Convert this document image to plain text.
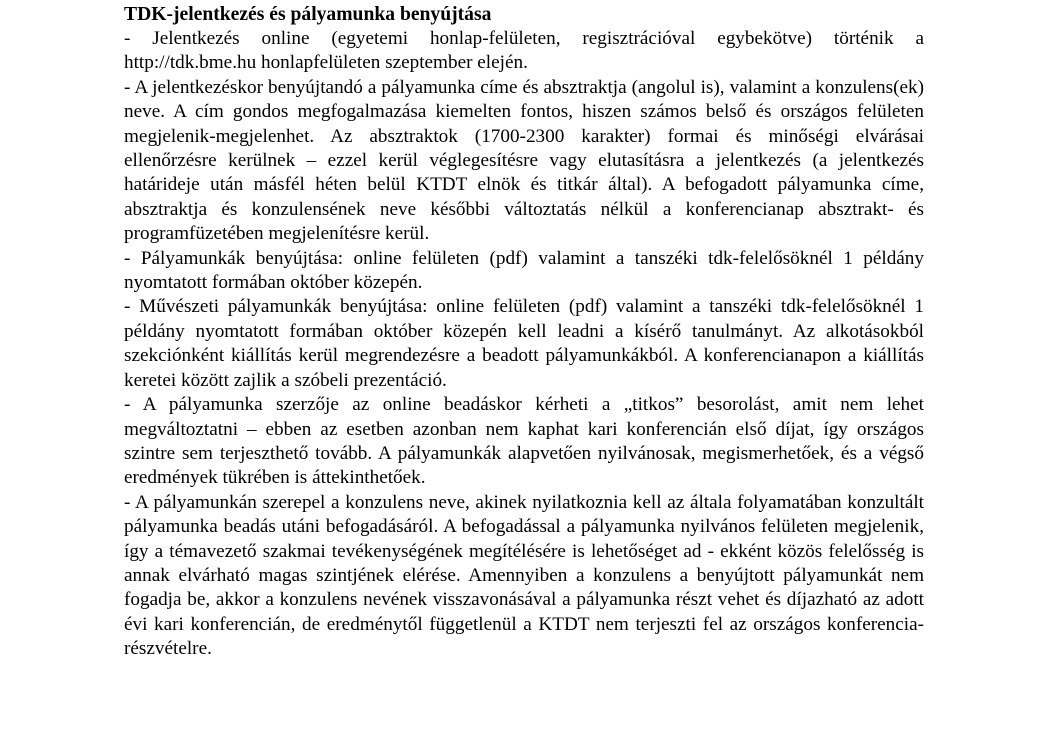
TDK-jelentkezés és pályamunka benyújtása

- Jelentkezés online (egyetemi honlap-felületen, regisztrációval egybekötve) történik a http://tdk.bme.hu honlapfelületen szeptember elején.

- A jelentkezéskor benyújtandó a pályamunka címe és absztraktja (angolul is), valamint a konzulens(ek) neve. A cím gondos megfogalmazása kiemelten fontos, hiszen számos belső és országos felületen megjelenik-megjelenhet. Az absztraktok (1700-2300 karakter) formai és minőségi elvárásai ellenőrzésre kerülnek – ezzel kerül véglegesítésre vagy elutasításra a jelentkezés (a jelentkezés határideje után másfél héten belül KTDT elnök és titkár által). A befogadott pályamunka címe, absztraktja és konzulensének neve későbbi változtatás nélkül a konferencianap absztrakt- és programfüzetében megjelenítésre kerül.

- Pályamunkák benyújtása: online felületen (pdf) valamint a tanszéki tdk-felelősöknél 1 példány nyomtatott formában október közepén.

- Művészeti pályamunkák benyújtása: online felületen (pdf) valamint a tanszéki tdk-felelősöknél 1 példány nyomtatott formában október közepén kell leadni a kísérő tanulmányt. Az alkotásokból szekciónként kiállítás kerül megrendezésre a beadott pályamunkákból. A konferencianapon a kiállítás keretei között zajlik a szóbeli prezentáció.

- A pályamunka szerzője az online beadáskor kérheti a „titkos” besorolást, amit nem lehet megváltoztatni – ebben az esetben azonban nem kaphat kari konferencián első díjat, így országos szintre sem terjeszthető tovább. A pályamunkák alapvetően nyilvánosak, megismerhetőek, és a végső eredmények tükrében is áttekinthetőek.

- A pályamunkán szerepel a konzulens neve, akinek nyilatkoznia kell az általa folyamatában konzultált pályamunka beadás utáni befogadásáról. A befogadással a pályamunka nyilvános felületen megjelenik, így a témavezető szakmai tevékenységének megítélésére is lehetőséget ad - ekként közös felelősség is annak elvárható magas szintjének elérése. Amennyiben a konzulens a benyújtott pályamunkát nem fogadja be, akkor a konzulens nevének visszavonásával a pályamunka részt vehet és díjazható az adott évi kari konferencián, de eredménytől függetlenül a KTDT nem terjeszti fel az országos konferencia-részvételre.
